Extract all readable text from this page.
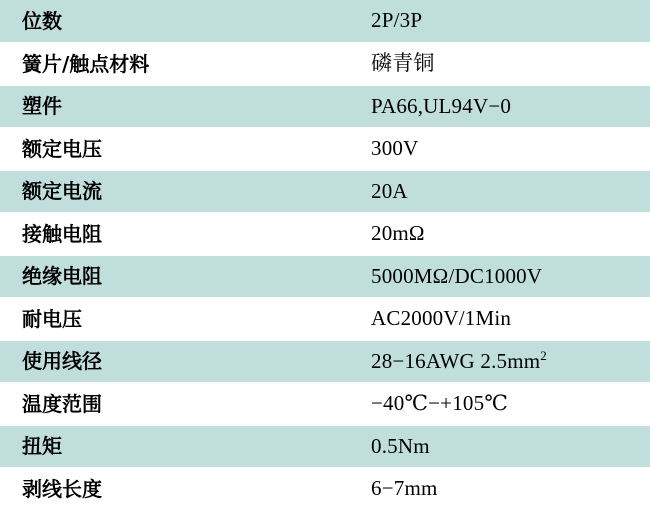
位数	2P/3P
簧片/触点材料	磷青铜
塑件	PA66,UL94V−0
额定电压	300V
额定电流	20A
接触电阻	20mΩ
绝缘电阻	5000MΩ/DC1000V
耐电压	AC2000V/1Min
使用线径	28−16AWG $2.5mm^2$
温度范围	−40℃−+105℃
扭矩	0.5Nm
剥线长度	6−7mm
